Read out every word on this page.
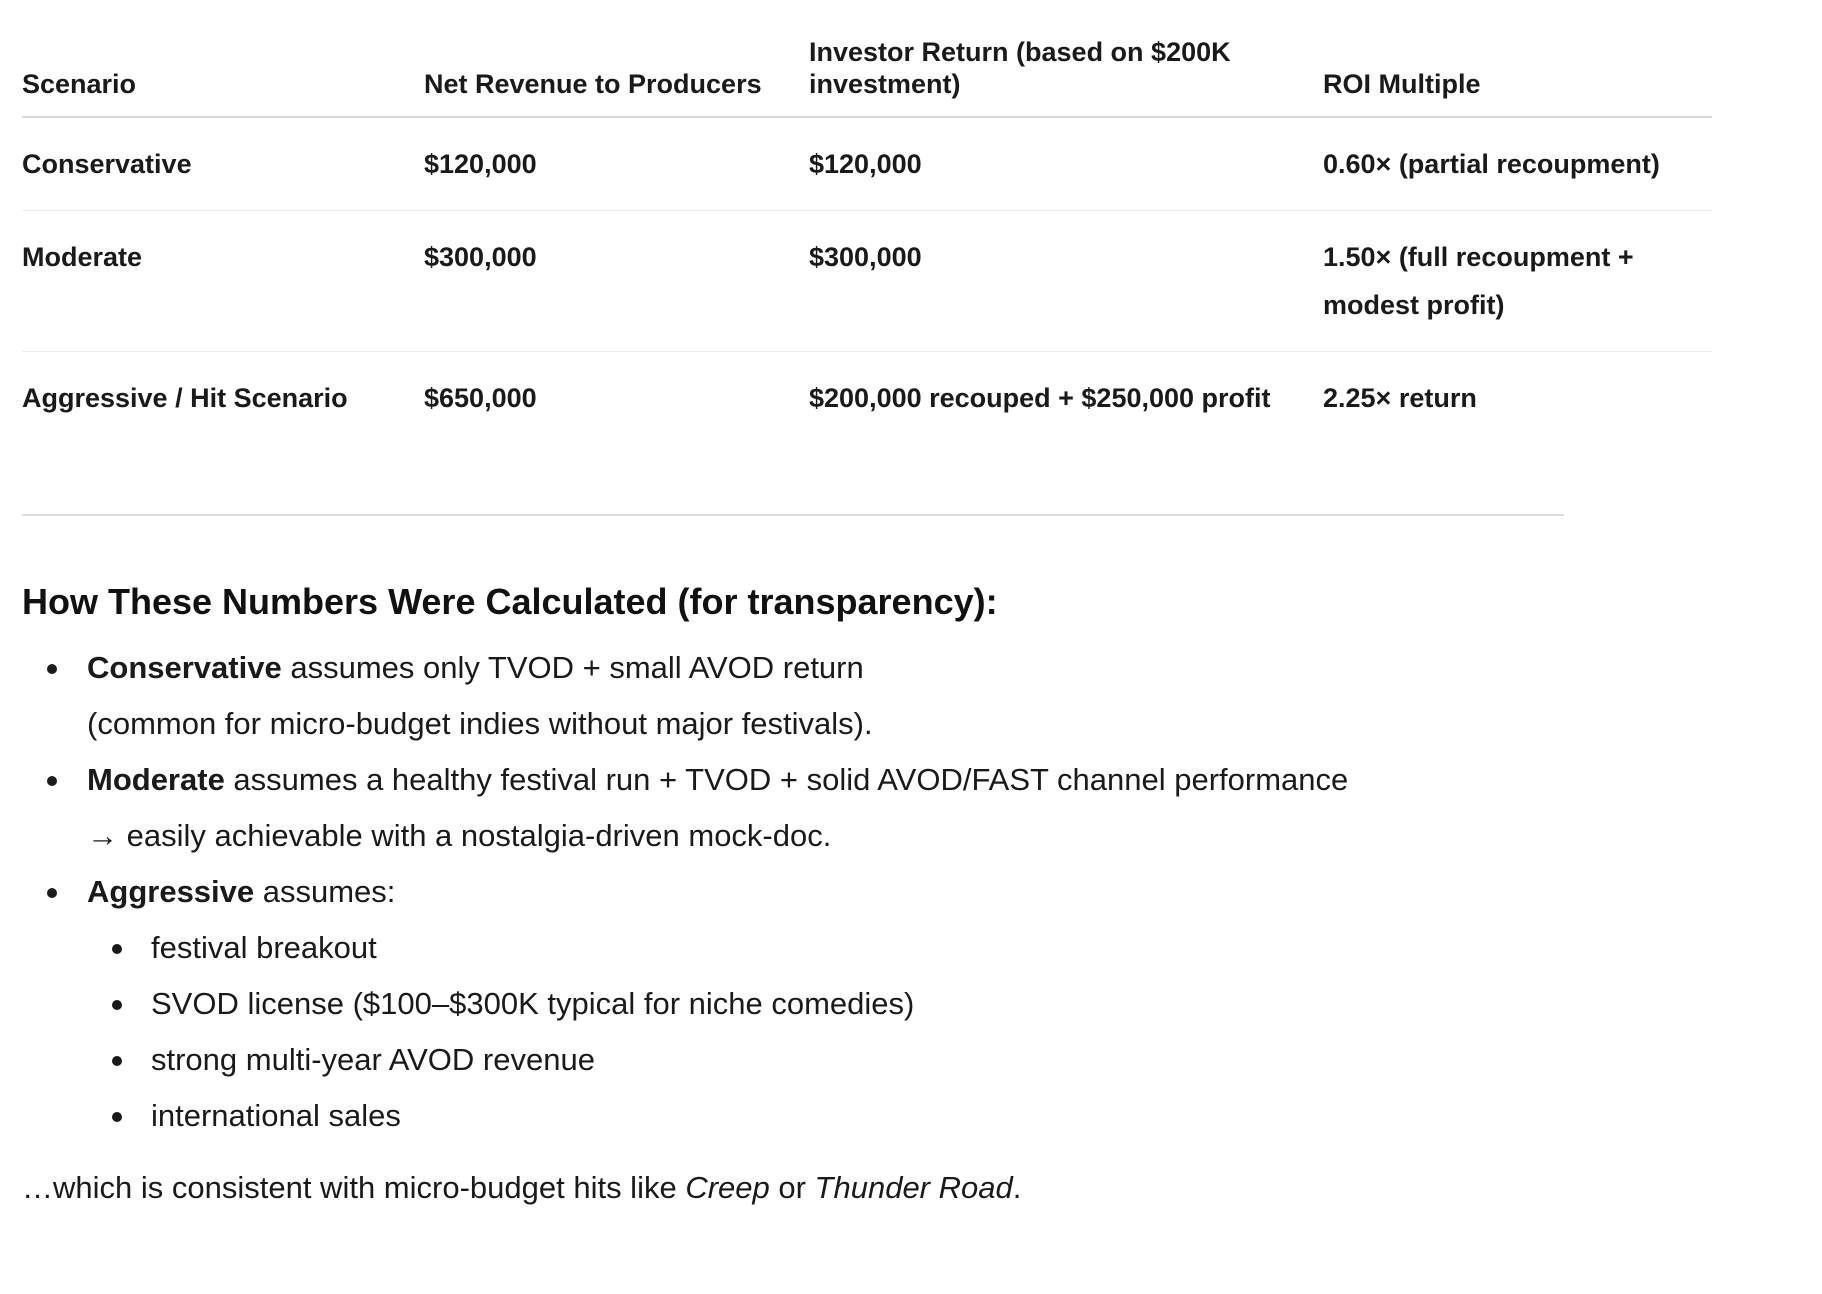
Scenario	Net Revenue to Producers	Investor Return (based on $200K investment)	ROI Multiple
Conservative	$120,000	$120,000	0.60× (partial recoupment)
Moderate	$300,000	$300,000	1.50× (full recoupment + modest profit)
Aggressive / Hit Scenario	$650,000	$200,000 recouped + $250,000 profit	2.25× return
How These Numbers Were Calculated (for transparency):
Conservative assumes only TVOD + small AVOD return
(common for micro-budget indies without major festivals).
Moderate assumes a healthy festival run + TVOD + solid AVOD/FAST channel performance
→ easily achievable with a nostalgia-driven mock-doc.
Aggressive assumes:
festival breakout
SVOD license ($100–$300K typical for niche comedies)
strong multi-year AVOD revenue
international sales

…which is consistent with micro-budget hits like Creep or Thunder Road.
